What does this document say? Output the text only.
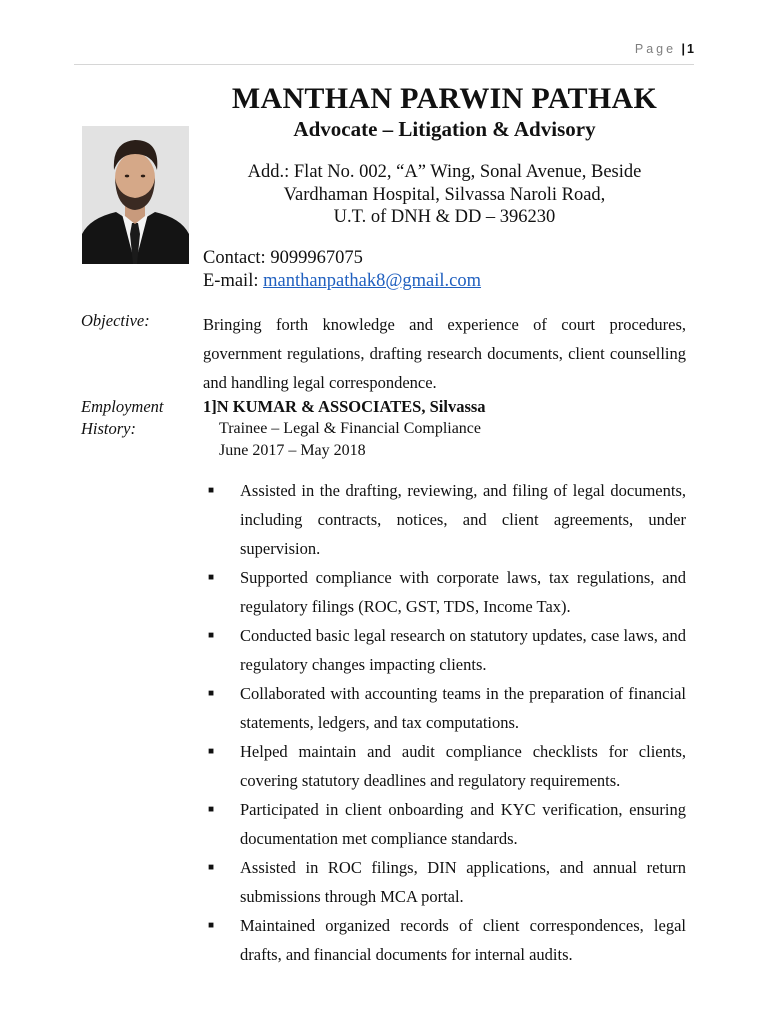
Page | 1
MANTHAN PARWIN PATHAK
Advocate – Litigation & Advisory
Add.: Flat No. 002, “A” Wing, Sonal Avenue, Beside
Vardhaman Hospital, Silvassa Naroli Road,
U.T. of DNH & DD – 396230
Contact: 9099967075
E-mail: manthanpathak8@gmail.com
Objective:	Bringing forth knowledge and experience of court procedures, government regulations, drafting research documents, client counselling and handling legal correspondence.
Employment
History:
1]N KUMAR & ASSOCIATES, Silvassa
Trainee – Legal & Financial Compliance
June 2017 – May 2018
■ Assisted in the drafting, reviewing, and filing of legal documents, including contracts, notices, and client agreements, under supervision.
■ Supported compliance with corporate laws, tax regulations, and regulatory filings (ROC, GST, TDS, Income Tax).
■ Conducted basic legal research on statutory updates, case laws, and regulatory changes impacting clients.
■ Collaborated with accounting teams in the preparation of financial statements, ledgers, and tax computations.
■ Helped maintain and audit compliance checklists for clients, covering statutory deadlines and regulatory requirements.
■ Participated in client onboarding and KYC verification, ensuring documentation met compliance standards.
■ Assisted in ROC filings, DIN applications, and annual return submissions through MCA portal.
■ Maintained organized records of client correspondences, legal drafts, and financial documents for internal audits.
